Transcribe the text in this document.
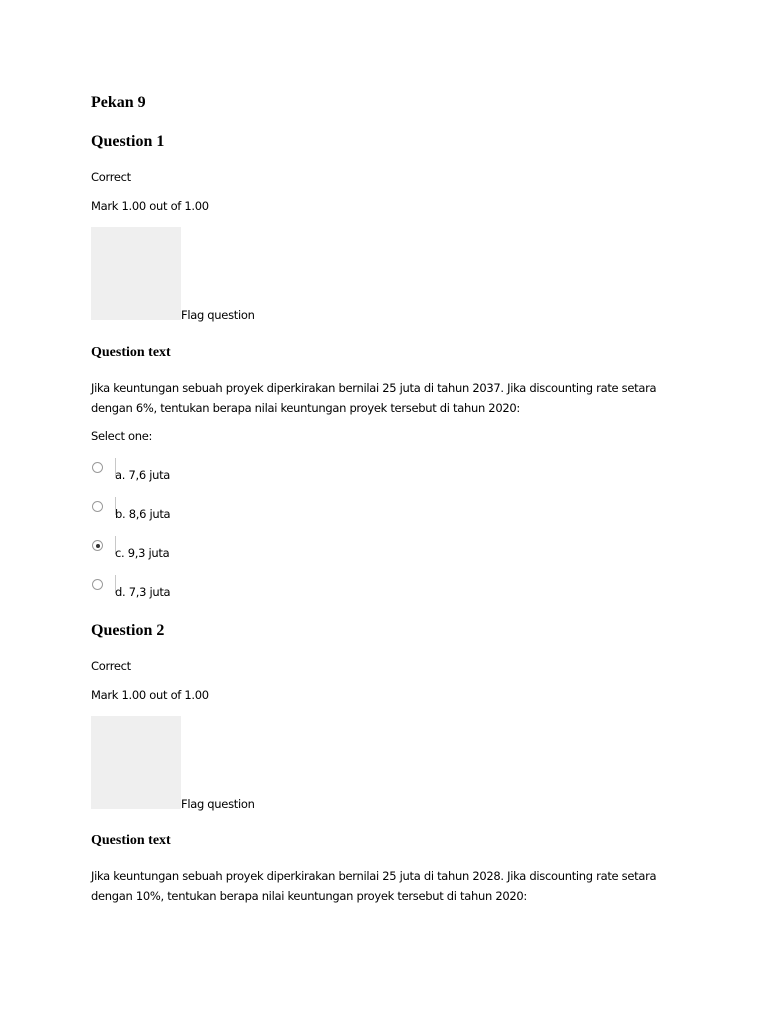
Pekan 9
Question 1
Correct
Mark 1.00 out of 1.00
Flag question
Question text

Jika keuntungan sebuah proyek diperkirakan bernilai 25 juta di tahun 2037. Jika discounting rate setara dengan 6%, tentukan berapa nilai keuntungan proyek tersebut di tahun 2020:

Select one:
a. 7,6 juta
b. 8,6 juta
c. 9,3 juta
d. 7,3 juta
Question 2
Correct
Mark 1.00 out of 1.00
Flag question
Question text

Jika keuntungan sebuah proyek diperkirakan bernilai 25 juta di tahun 2028. Jika discounting rate setara dengan 10%, tentukan berapa nilai keuntungan proyek tersebut di tahun 2020:
